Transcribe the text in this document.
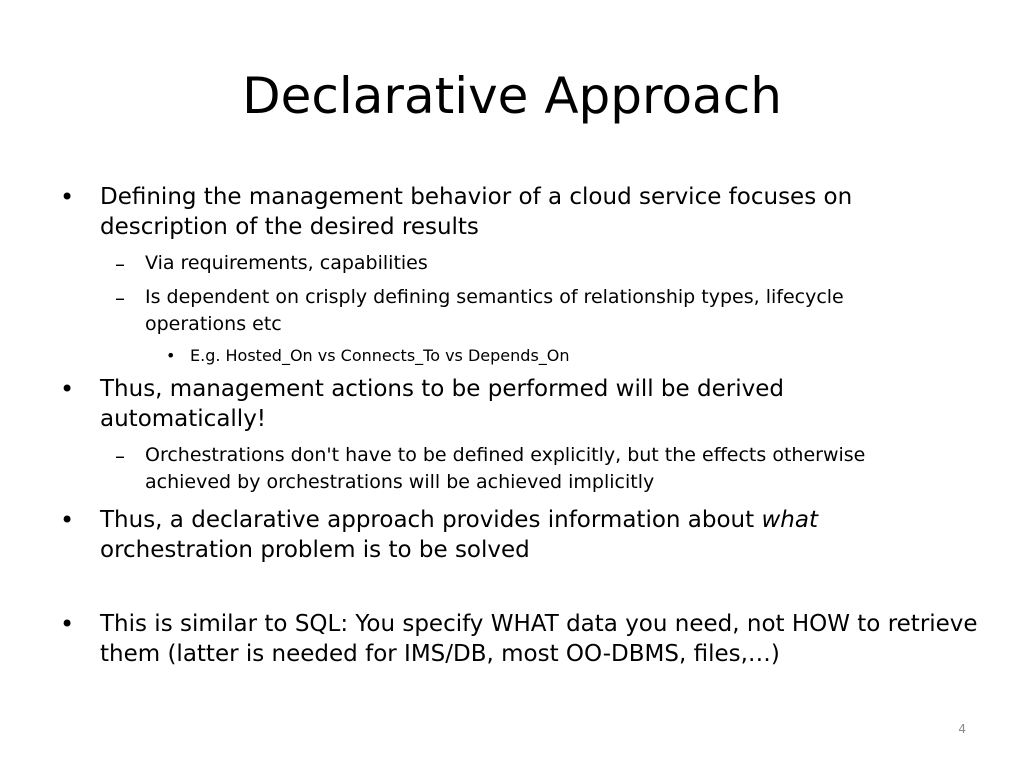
Declarative Approach
• Defining the management behavior of a cloud service focuses on description of the desired results
– Via requirements, capabilities
– Is dependent on crisply defining semantics of relationship types, lifecycle operations etc
• E.g. Hosted_On vs Connects_To vs Depends_On
• Thus, management actions to be performed will be derived automatically!
– Orchestrations don't have to be defined explicitly, but the effects otherwise achieved by orchestrations will be achieved implicitly
• Thus, a declarative approach provides information about what orchestration problem is to be solved
• This is similar to SQL: You specify WHAT data you need, not HOW to retrieve them (latter is needed for IMS/DB, most OO-DBMS, files,…)
4
